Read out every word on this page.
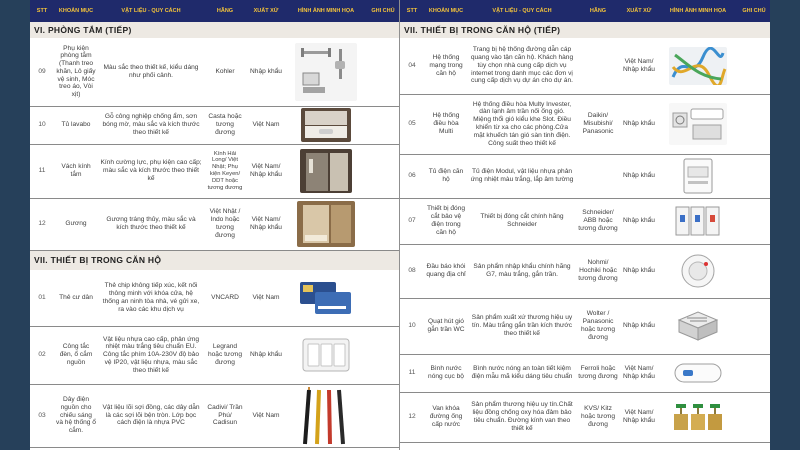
STT	KHOẢN MỤC	VẬT LIỆU - QUY CÁCH	HÃNG	XUẤT XỨ	HÌNH ẢNH MINH HỌA	GHI CHÚ
VI. PHÒNG TẮM (TIẾP)						
09	Phụ kiện phòng tắm (Thanh treo khăn, Lô giấy vệ sinh, Móc treo áo, Vòi xịt)	Màu sắc theo thiết kế, kiểu dáng như phối cảnh.	Kohler	Nhập khẩu	

10	Tủ lavabo	Gỗ công nghiệp chống ẩm, sơn bóng mờ, màu sắc và kích thước theo thiết kế	Casta hoặc tương đương	Việt Nam	

11	Vách kính tắm	Kính cường lực, phụ kiện cao cấp; màu sắc và kích thước theo thiết kế	Kính Hải Long/ Việt Nhật; Phụ kiện Keyen/ DDT hoặc tương đương	Việt Nam/ Nhập khẩu	

12	Gương	Gương tráng thủy, màu sắc và kích thước theo thiết kế	Việt Nhật / Indo hoặc tương đương	Việt Nam/ Nhập khẩu	

VII. THIẾT BỊ TRONG CĂN HỘ						
01	Thẻ cư dân	Thẻ chip không tiếp xúc, kết nối thông minh với khóa cửa, hệ thống an ninh tòa nhà, vé gửi xe, ra vào các khu dịch vụ	VNCARD	Việt Nam	

02	Công tắc đèn, ổ cắm nguồn	Vật liệu nhựa cao cấp, phản ứng nhiệt màu trắng tiêu chuẩn EU. Công tắc phím 10A-230V độ bảo vệ IP20, vật liệu nhựa, màu sắc theo thiết kế	Legrand hoặc tương đương	Nhập khẩu	

03	Dây điện nguồn cho chiếu sáng và hệ thống ổ cắm.	Vật liệu lõi sợi đồng, các dây dẫn là các sợi lõi bện tròn. Lớp bọc cách điện là nhựa PVC	Cadivi/ Trần Phú/ Cadisun	Việt Nam	

STT	KHOẢN MỤC	VẬT LIỆU - QUY CÁCH	HÃNG	XUẤT XỨ	HÌNH ẢNH MINH HỌA	GHI CHÚ
VII. THIẾT BỊ TRONG CĂN HỘ (TIẾP)						
04	Hệ thống mạng trong căn hộ	Trang bị hệ thống đường dẫn cáp quang vào tận căn hộ. Khách hàng tùy chọn nhà cung cấp dịch vụ internet trong danh mục các đơn vị cung cấp dịch vụ dự án cho dự án.		Việt Nam/ Nhập khẩu	

05	Hệ thống điều hòa Multi	Hệ thống điều hòa Multy Invester, dàn lạnh âm trần nối ống gió. Miệng thổi gió kiểu khe Slot. Điều khiển từ xa cho các phòng.Cửa mặt khuếch tán gió sàn tinh điện. Công suất theo thiết kế	Daikin/ Misubishi/ Panasonic	Nhập khẩu	

06	Tủ điện căn hộ	Tủ điện Modul, vật liệu nhựa phản ứng nhiệt màu trắng, lắp âm tường		Nhập khẩu	

07	Thiết bị đóng cắt bảo vệ điện trong căn hộ	Thiết bị đóng cắt chính hãng Schneider	Schneider/ ABB hoặc tương đương	Nhập khẩu	

08	Đầu báo khói quang địa chỉ	Sản phẩm nhập khẩu chính hãng G7, màu trắng, gắn trần.	Nohmi/ Hochiki hoặc tương đương	Nhập khẩu	

10	Quạt hút gió gắn trần WC	Sản phẩm xuất xứ thương hiệu uy tín. Màu trắng gắn trần kích thước theo thiết kế	Wolter / Panasonic hoặc tương đương	Nhập khẩu	

11	Bình nước nóng cục bộ	Bình nước nóng an toàn tiết kiệm điện mẫu mã kiểu dáng tiêu chuẩn	Ferroli hoặc tương đương	Việt Nam/ Nhập khẩu	

12	Van khóa đường ống cấp nước	Sản phẩm thương hiệu uy tín.Chất liệu đồng chống oxy hóa đảm bảo tiêu chuẩn. Đường kính van theo thiết kế	KVS/ Kitz hoặc tương đương	Việt Nam/ Nhập khẩu	
